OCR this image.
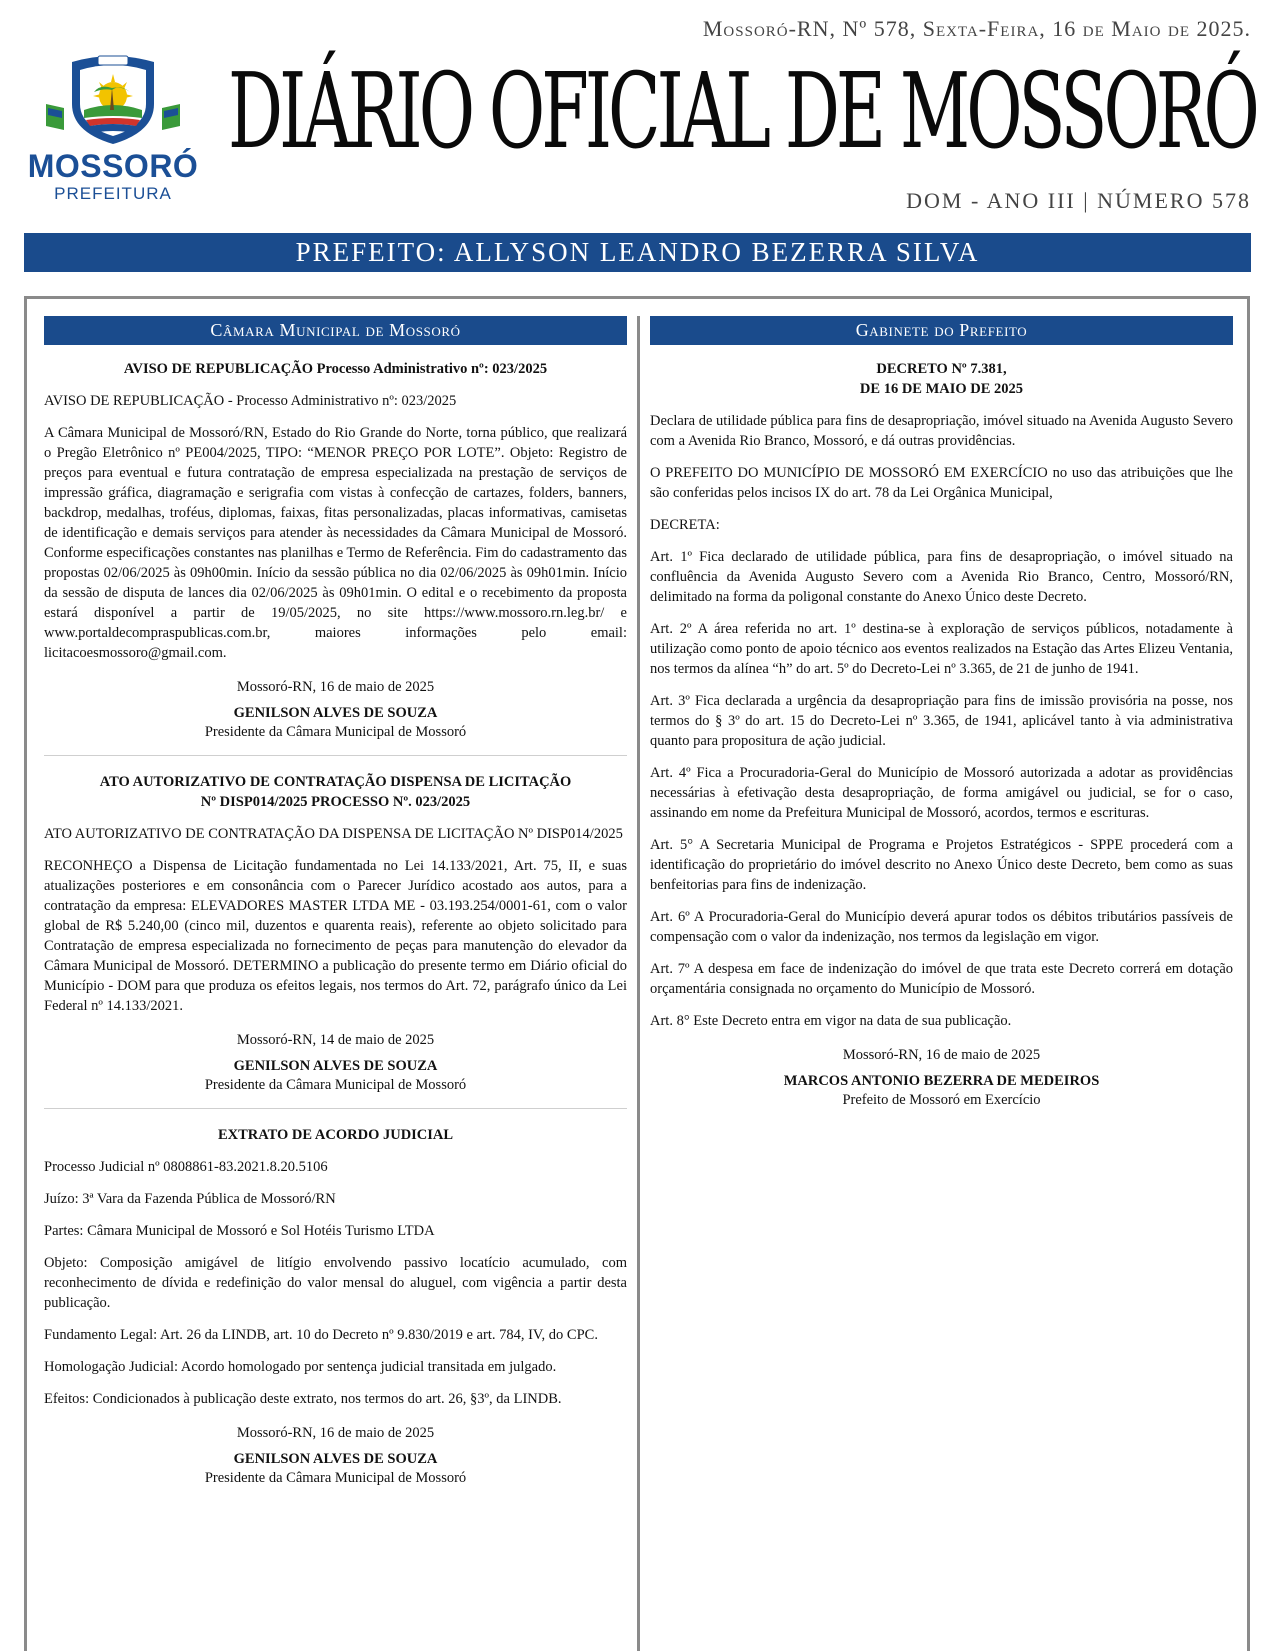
Mossoró-RN, Nº 578, Sexta-Feira, 16 de Maio de 2025.
MOSSORÓ
PREFEITURA
DIÁRIO OFICIAL DE MOSSORÓ
DOM - ANO III | NÚMERO 578
PREFEITO: ALLYSON LEANDRO BEZERRA SILVA
Câmara Municipal de Mossoró
AVISO DE REPUBLICAÇÃO Processo Administrativo nº: 023/2025

AVISO DE REPUBLICAÇÃO - Processo Administrativo nº: 023/2025

A Câmara Municipal de Mossoró/RN, Estado do Rio Grande do Norte, torna público, que realizará o Pregão Eletrônico nº PE004/2025, TIPO: “MENOR PREÇO POR LOTE”. Objeto: Registro de preços para eventual e futura contratação de empresa especializada na prestação de serviços de impressão gráfica, diagramação e serigrafia com vistas à confecção de cartazes, folders, banners, backdrop, medalhas, troféus, diplomas, faixas, fitas personalizadas, placas informativas, camisetas de identificação e demais serviços para atender às necessidades da Câmara Municipal de Mossoró. Conforme especificações constantes nas planilhas e Termo de Referência. Fim do cadastramento das propostas 02/06/2025 às 09h00min. Início da sessão pública no dia 02/06/2025 às 09h01min. Início da sessão de disputa de lances dia 02/06/2025 às 09h01min. O edital e o recebimento da proposta estará disponível a partir de 19/05/2025, no site https://www.mossoro.rn.leg.br/ e www.portaldecompraspublicas.com.br, maiores informações pelo email: licitacoesmossoro@gmail.com.

Mossoró-RN, 16 de maio de 2025
GENILSON ALVES DE SOUZA
Presidente da Câmara Municipal de Mossoró
ATO AUTORIZATIVO DE CONTRATAÇÃO DISPENSA DE LICITAÇÃO
Nº DISP014/2025 PROCESSO Nº. 023/2025

ATO AUTORIZATIVO DE CONTRATAÇÃO DA DISPENSA DE LICITAÇÃO Nº DISP014/2025

RECONHEÇO a Dispensa de Licitação fundamentada no Lei 14.133/2021, Art. 75, II, e suas atualizações posteriores e em consonância com o Parecer Jurídico acostado aos autos, para a contratação da empresa: ELEVADORES MASTER LTDA ME - 03.193.254/0001-61, com o valor global de R$ 5.240,00 (cinco mil, duzentos e quarenta reais), referente ao objeto solicitado para Contratação de empresa especializada no fornecimento de peças para manutenção do elevador da Câmara Municipal de Mossoró. DETERMINO a publicação do presente termo em Diário oficial do Município - DOM para que produza os efeitos legais, nos termos do Art. 72, parágrafo único da Lei Federal nº 14.133/2021.

Mossoró-RN, 14 de maio de 2025
GENILSON ALVES DE SOUZA
Presidente da Câmara Municipal de Mossoró
EXTRATO DE ACORDO JUDICIAL

Processo Judicial nº 0808861-83.2021.8.20.5106

Juízo: 3ª Vara da Fazenda Pública de Mossoró/RN

Partes: Câmara Municipal de Mossoró e Sol Hotéis Turismo LTDA

Objeto: Composição amigável de litígio envolvendo passivo locatício acumulado, com reconhecimento de dívida e redefinição do valor mensal do aluguel, com vigência a partir desta publicação.

Fundamento Legal: Art. 26 da LINDB, art. 10 do Decreto nº 9.830/2019 e art. 784, IV, do CPC.

Homologação Judicial: Acordo homologado por sentença judicial transitada em julgado.

Efeitos: Condicionados à publicação deste extrato, nos termos do art. 26, §3º, da LINDB.

Mossoró-RN, 16 de maio de 2025
GENILSON ALVES DE SOUZA
Presidente da Câmara Municipal de Mossoró
Gabinete do Prefeito
DECRETO Nº 7.381,
DE 16 DE MAIO DE 2025

Declara de utilidade pública para fins de desapropriação, imóvel situado na Avenida Augusto Severo com a Avenida Rio Branco, Mossoró, e dá outras providências.

O PREFEITO DO MUNICÍPIO DE MOSSORÓ EM EXERCÍCIO no uso das atribuições que lhe são conferidas pelos incisos IX do art. 78 da Lei Orgânica Municipal,

DECRETA:

Art. 1º Fica declarado de utilidade pública, para fins de desapropriação, o imóvel situado na confluência da Avenida Augusto Severo com a Avenida Rio Branco, Centro, Mossoró/RN, delimitado na forma da poligonal constante do Anexo Único deste Decreto.

Art. 2º A área referida no art. 1º destina-se à exploração de serviços públicos, notadamente à utilização como ponto de apoio técnico aos eventos realizados na Estação das Artes Elizeu Ventania, nos termos da alínea “h” do art. 5º do Decreto-Lei nº 3.365, de 21 de junho de 1941.

Art. 3º Fica declarada a urgência da desapropriação para fins de imissão provisória na posse, nos termos do § 3º do art. 15 do Decreto-Lei nº 3.365, de 1941, aplicável tanto à via administrativa quanto para propositura de ação judicial.

Art. 4º Fica a Procuradoria-Geral do Município de Mossoró autorizada a adotar as providências necessárias à efetivação desta desapropriação, de forma amigável ou judicial, se for o caso, assinando em nome da Prefeitura Municipal de Mossoró, acordos, termos e escrituras.

Art. 5° A Secretaria Municipal de Programa e Projetos Estratégicos - SPPE procederá com a identificação do proprietário do imóvel descrito no Anexo Único deste Decreto, bem como as suas benfeitorias para fins de indenização.

Art. 6º A Procuradoria-Geral do Município deverá apurar todos os débitos tributários passíveis de compensação com o valor da indenização, nos termos da legislação em vigor.

Art. 7º A despesa em face de indenização do imóvel de que trata este Decreto correrá em dotação orçamentária consignada no orçamento do Município de Mossoró.

Art. 8° Este Decreto entra em vigor na data de sua publicação.

Mossoró-RN, 16 de maio de 2025
MARCOS ANTONIO BEZERRA DE MEDEIROS
Prefeito de Mossoró em Exercício
